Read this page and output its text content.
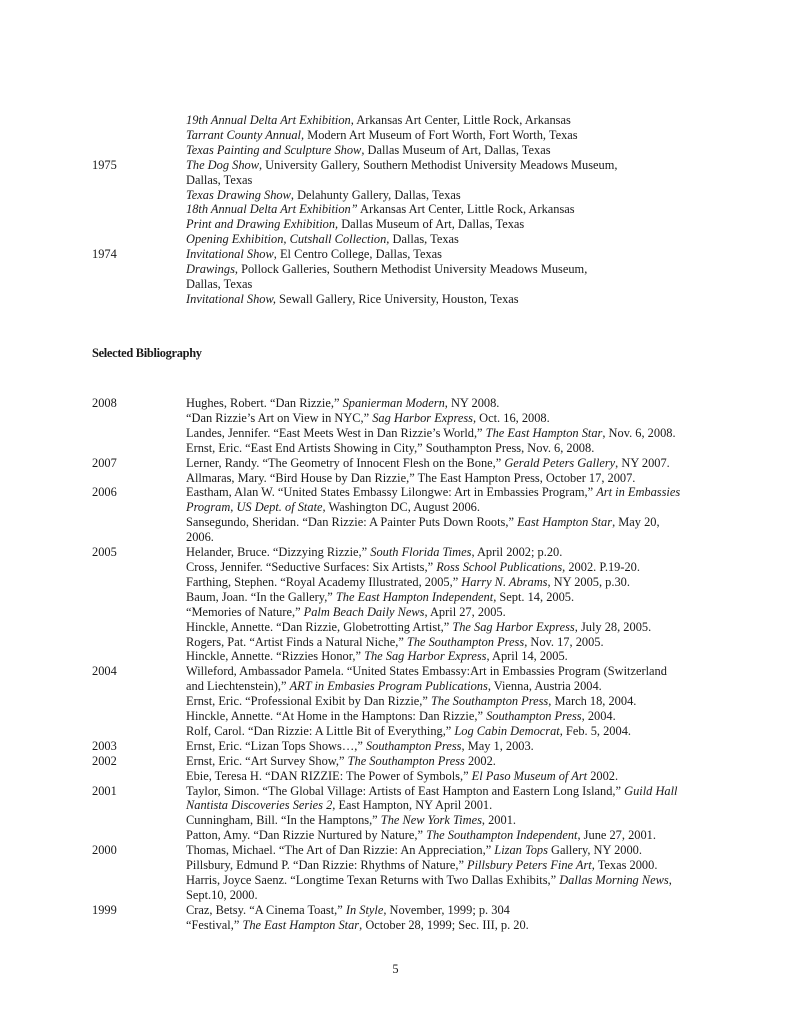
19th Annual Delta Art Exhibition, Arkansas Art Center, Little Rock, Arkansas
Tarrant County Annual, Modern Art Museum of Fort Worth, Fort Worth, Texas
Texas Painting and Sculpture Show, Dallas Museum of Art, Dallas, Texas
1975	The Dog Show, University Gallery, Southern Methodist University Meadows Museum,
Dallas, Texas
Texas Drawing Show, Delahunty Gallery, Dallas, Texas
18th Annual Delta Art Exhibition” Arkansas Art Center, Little Rock, Arkansas
Print and Drawing Exhibition, Dallas Museum of Art, Dallas, Texas
Opening Exhibition, Cutshall Collection, Dallas, Texas
1974	Invitational Show, El Centro College, Dallas, Texas
Drawings, Pollock Galleries, Southern Methodist University Meadows Museum,
Dallas, Texas
Invitational Show, Sewall Gallery, Rice University, Houston, Texas
Selected Bibliography
2008	Hughes, Robert. “Dan Rizzie,” Spanierman Modern, NY 2008.
“Dan Rizzie’s Art on View in NYC,” Sag Harbor Express, Oct. 16, 2008.
Landes, Jennifer. “East Meets West in Dan Rizzie’s World,” The East Hampton Star, Nov. 6, 2008.
Ernst, Eric. “East End Artists Showing in City,” Southampton Press, Nov. 6, 2008.
2007	Lerner, Randy. “The Geometry of Innocent Flesh on the Bone,” Gerald Peters Gallery, NY 2007.
Allmaras, Mary. “Bird House by Dan Rizzie,” The East Hampton Press, October 17, 2007.
2006	Eastham, Alan W. “United States Embassy Lilongwe: Art in Embassies Program,” Art in Embassies
Program, US Dept. of State, Washington DC, August 2006.
Sansegundo, Sheridan. “Dan Rizzie: A Painter Puts Down Roots,” East Hampton Star, May 20,
2006.
2005	Helander, Bruce. “Dizzying Rizzie,” South Florida Times, April 2002; p.20.
Cross, Jennifer. “Seductive Surfaces: Six Artists,” Ross School Publications, 2002. P.19-20.
Farthing, Stephen. “Royal Academy Illustrated, 2005,” Harry N. Abrams, NY 2005, p.30.
Baum, Joan. “In the Gallery,” The East Hampton Independent, Sept. 14, 2005.
“Memories of Nature,” Palm Beach Daily News, April 27, 2005.
Hinckle, Annette. “Dan Rizzie, Globetrotting Artist,” The Sag Harbor Express, July 28, 2005.
Rogers, Pat. “Artist Finds a Natural Niche,” The Southampton Press, Nov. 17, 2005.
Hinckle, Annette. “Rizzies Honor,” The Sag Harbor Express, April 14, 2005.
2004	Willeford, Ambassador Pamela. “United States Embassy:Art in Embassies Program (Switzerland
and Liechtenstein),” ART in Embasies Program Publications, Vienna, Austria 2004.
Ernst, Eric. “Professional Exibit by Dan Rizzie,” The Southampton Press, March 18, 2004.
Hinckle, Annette. “At Home in the Hamptons: Dan Rizzie,” Southampton Press, 2004.
Rolf, Carol. “Dan Rizzie: A Little Bit of Everything,” Log Cabin Democrat, Feb. 5, 2004.
2003	Ernst, Eric. “Lizan Tops Shows…,” Southampton Press, May 1, 2003.
2002	Ernst, Eric. “Art Survey Show,” The Southampton Press 2002.
Ebie, Teresa H. “DAN RIZZIE: The Power of Symbols,” El Paso Museum of Art 2002.
2001	Taylor, Simon. “The Global Village: Artists of East Hampton and Eastern Long Island,” Guild Hall
Nantista Discoveries Series 2, East Hampton, NY April 2001.
Cunningham, Bill. “In the Hamptons,” The New York Times, 2001.
Patton, Amy. “Dan Rizzie Nurtured by Nature,” The Southampton Independent, June 27, 2001.
2000	Thomas, Michael. “The Art of Dan Rizzie: An Appreciation,” Lizan Tops Gallery, NY 2000.
Pillsbury, Edmund P. “Dan Rizzie: Rhythms of Nature,” Pillsbury Peters Fine Art, Texas 2000.
Harris, Joyce Saenz. “Longtime Texan Returns with Two Dallas Exhibits,” Dallas Morning News,
Sept.10, 2000.
1999	Craz, Betsy. “A Cinema Toast,” In Style, November, 1999; p. 304
“Festival,” The East Hampton Star, October 28, 1999; Sec. III, p. 20.
5
